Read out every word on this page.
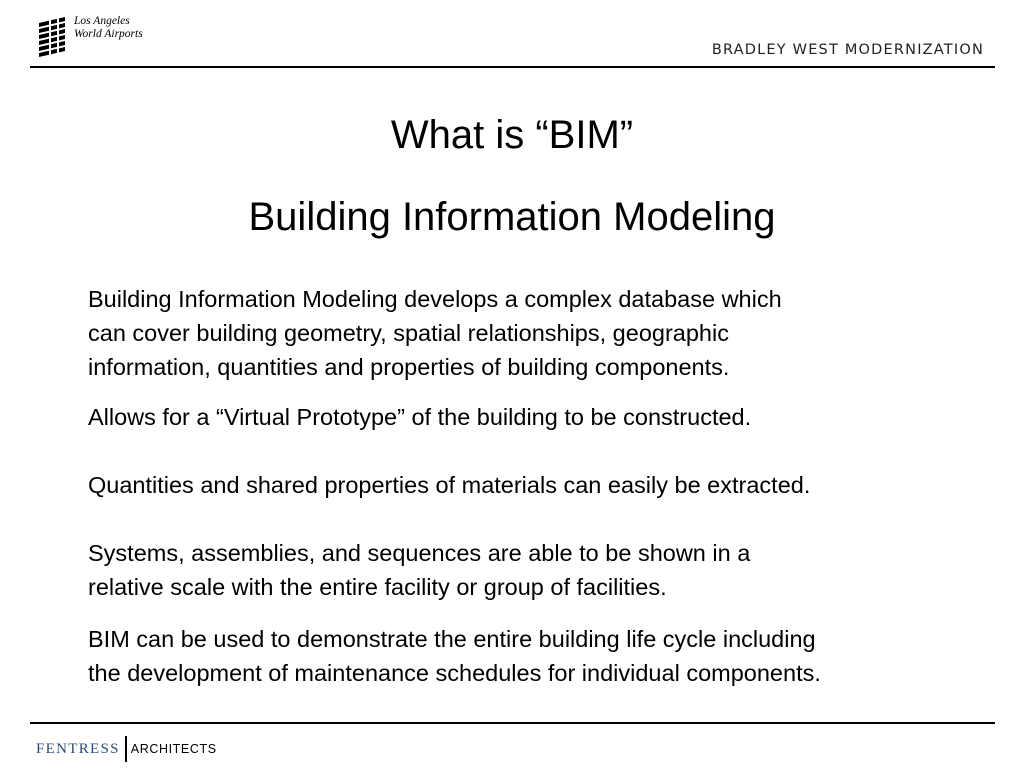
Los Angeles
World Airports
BRADLEY WEST MODERNIZATION
What is “BIM”
Building Information Modeling
Building Information Modeling develops a complex database which
can cover building geometry, spatial relationships, geographic
information, quantities and properties of building components.
Allows for a “Virtual Prototype” of the building to be constructed.
Quantities and shared properties of materials can easily be extracted.
Systems, assemblies, and sequences are able to be shown in a
relative scale with the entire facility or group of facilities.
BIM can be used to demonstrate the entire building life cycle including
the development of maintenance schedules for individual components.
FENTRESS ARCHITECTS
